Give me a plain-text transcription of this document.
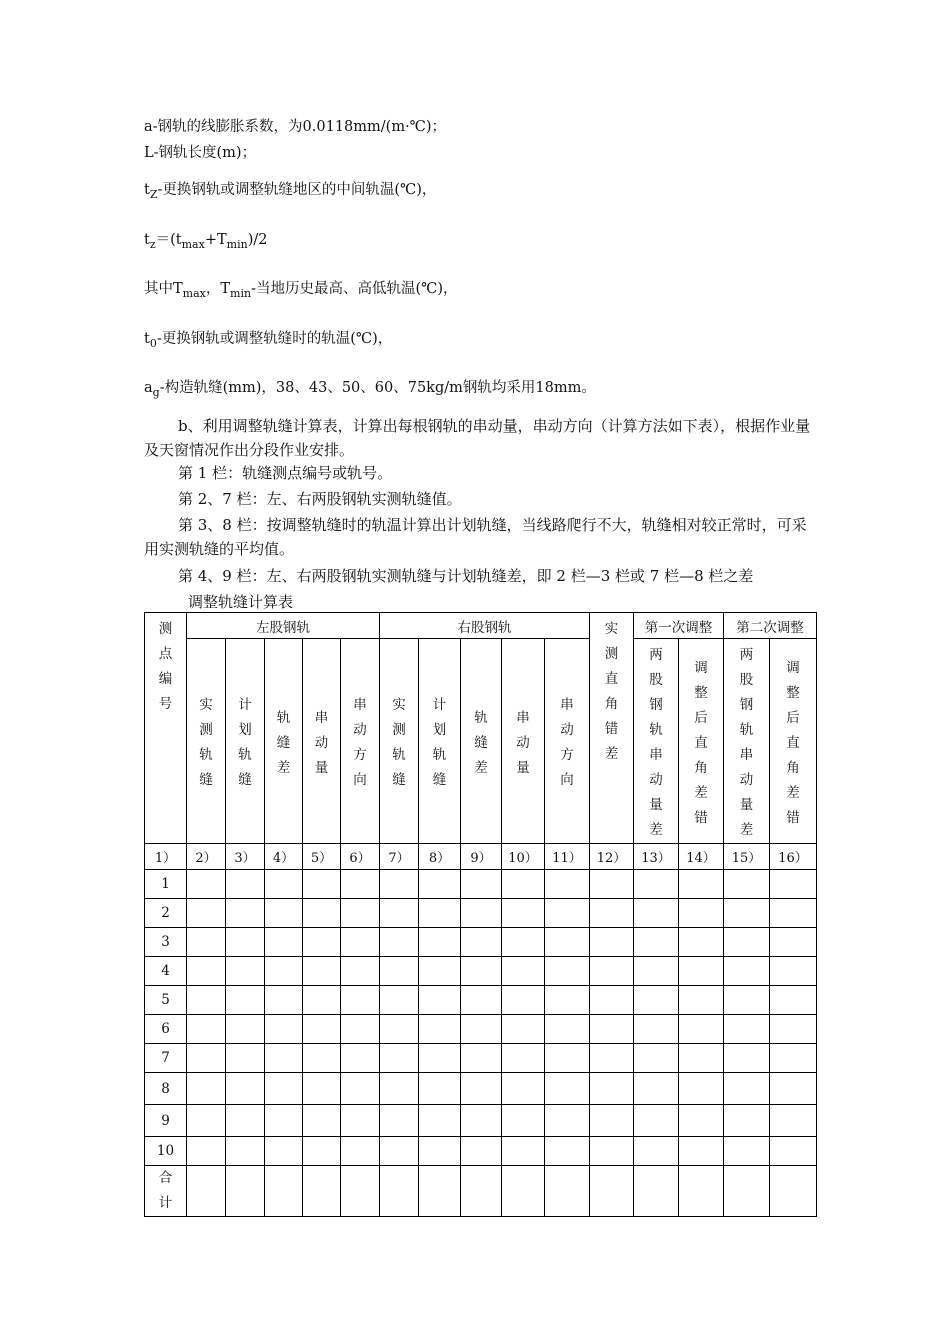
a-钢轨的线膨胀系数，为0.0118mm/(m·℃)；
L-钢轨长度(m)；
$t_Z-$更换钢轨或调整轨缝地区的中间轨温(℃)，
$t_z=(t_{max}+T_{min})/2$
其中$T_{max}$，$T_{min}-$当地历史最高、高低轨温(℃)，
$t_0-$更换钢轨或调整轨缝时的轨温(℃)，
$a_g-$构造轨缝(mm)，38、43、50、60、75kg/m钢轨均采用18mm。
b、利用调整轨缝计算表，计算出每根钢轨的串动量，串动方向（计算方法如下表），根据作业量及天窗情况作出分段作业安排。
第 1 栏：轨缝测点编号或轨号。
第 2、7 栏：左、右两股钢轨实测轨缝值。
第 3、8 栏：按调整轨缝时的轨温计算出计划轨缝，当线路爬行不大，轨缝相对较正常时，可采用实测轨缝的平均值。
第 4、9 栏：左、右两股钢轨实测轨缝与计划轨缝差，即 2 栏—3 栏或 7 栏—8 栏之差
调整轨缝计算表
测点编号	左股钢轨					右股钢轨					实测直角错差	第一次调整		第二次调整	
	实测轨缝	计划轨缝	轨缝差	串动量	串动方向	实测轨缝	计划轨缝	轨缝差	串动量	串动方向		两股钢轨串动量差	调整后直角差错	两股钢轨串动量差	调整后直角差错
1）	2）	3）	4）	5）	6）	7）	8）	9）	10）	11）	12）	13）	14）	15）	16）
1															
2															
3															
4															
5															
6															
7															
8															
9															
10															
合计															
